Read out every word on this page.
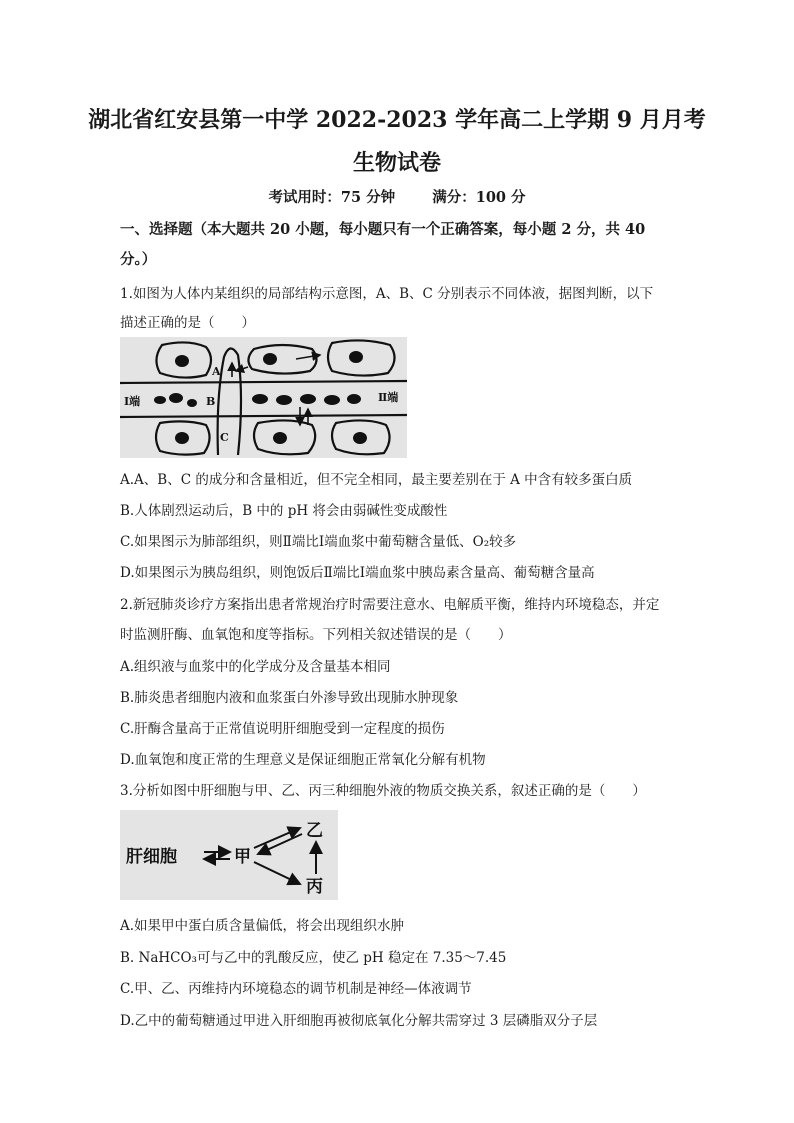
湖北省红安县第一中学 2022-2023 学年高二上学期 9 月月考
生物试卷
考试用时：75 分钟	满分：100 分
一、选择题（本大题共 20 小题，每小题只有一个正确答案，每小题 2 分，共 40
分。）
1.如图为人体内某组织的局部结构示意图，A、B、C 分别表示不同体液，据图判断，以下
描述正确的是（　　）
A
B
C
Ⅰ端	Ⅱ端
A.A、B、C 的成分和含量相近，但不完全相同，最主要差别在于 A 中含有较多蛋白质
B.人体剧烈运动后，B 中的 pH 将会由弱碱性变成酸性
C.如果图示为肺部组织，则Ⅱ端比Ⅰ端血浆中葡萄糖含量低、O₂较多
D.如果图示为胰岛组织，则饱饭后Ⅱ端比Ⅰ端血浆中胰岛素含量高、葡萄糖含量高
2.新冠肺炎诊疗方案指出患者常规治疗时需要注意水、电解质平衡，维持内环境稳态，并定
时监测肝酶、血氧饱和度等指标。下列相关叙述错误的是（　　）
A.组织液与血浆中的化学成分及含量基本相同
B.肺炎患者细胞内液和血浆蛋白外渗导致出现肺水肿现象
C.肝酶含量高于正常值说明肝细胞受到一定程度的损伤
D.血氧饱和度正常的生理意义是保证细胞正常氧化分解有机物
3.分析如图中肝细胞与甲、乙、丙三种细胞外液的物质交换关系，叙述正确的是（　　）
肝细胞	甲
乙
丙
A.如果甲中蛋白质含量偏低，将会出现组织水肿
B. NaHCO₃可与乙中的乳酸反应，使乙 pH 稳定在 7.35～7.45
C.甲、乙、丙维持内环境稳态的调节机制是神经—体液调节
D.乙中的葡萄糖通过甲进入肝细胞再被彻底氧化分解共需穿过 3 层磷脂双分子层
